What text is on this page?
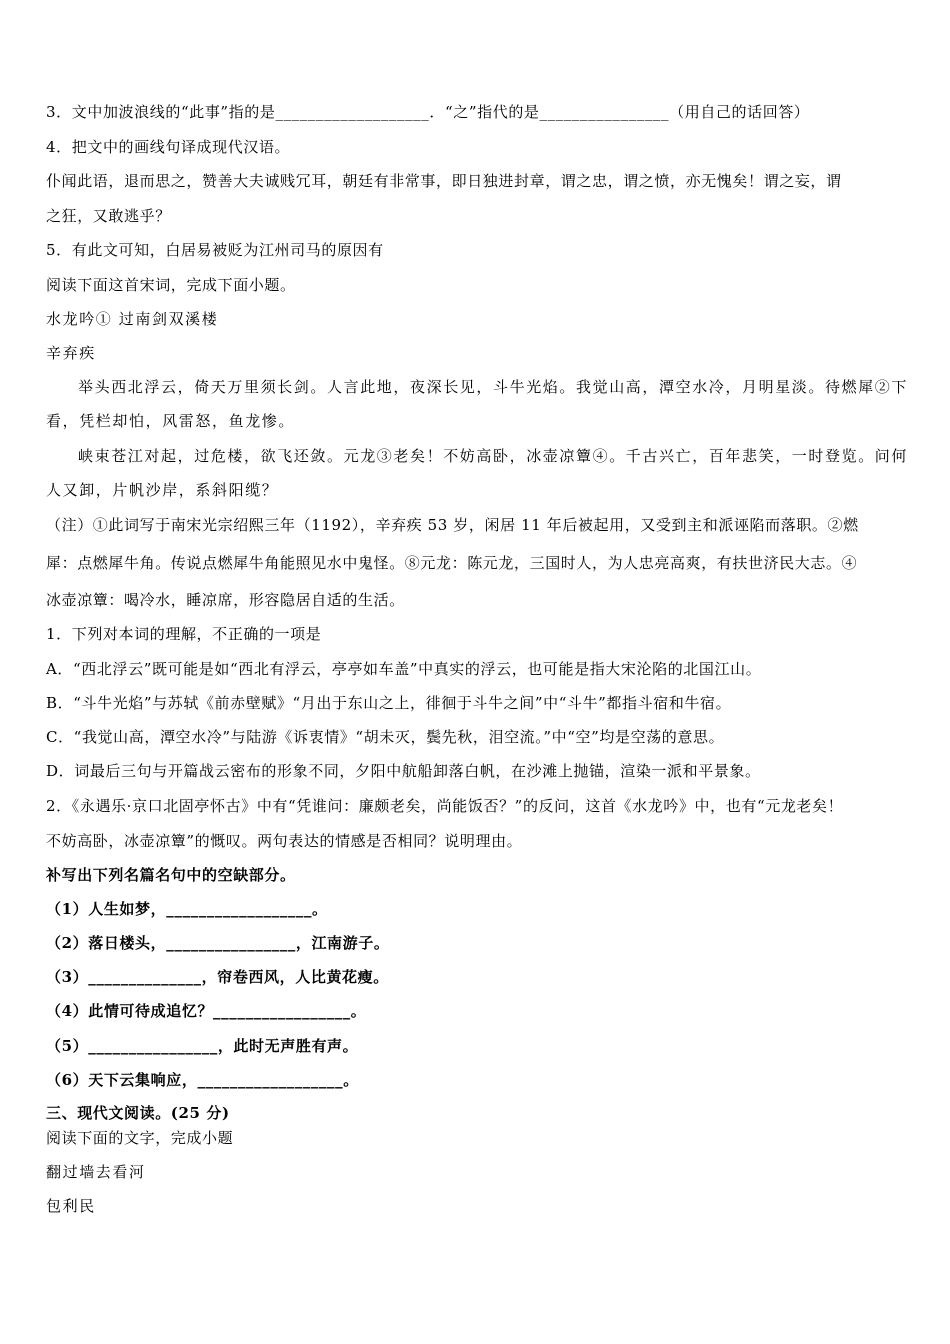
3．文中加波浪线的“此事”指的是___________________．“之”指代的是________________（用自己的话回答）
4．把文中的画线句译成现代汉语。
仆闻此语，退而思之，赞善大夫诚贱冗耳，朝廷有非常事，即日独进封章，谓之忠，谓之愤，亦无愧矣！谓之妄，谓
之狂，又敢逃乎？
5．有此文可知，白居易被贬为江州司马的原因有
阅读下面这首宋词，完成下面小题。
水龙吟① 过南剑双溪楼
辛弃疾
举头西北浮云，倚天万里须长剑。人言此地，夜深长见，斗牛光焰。我觉山高，潭空水冷，月明星淡。待燃犀②下
看，凭栏却怕，风雷怒，鱼龙惨。
峡束苍江对起，过危楼，欲飞还敛。元龙③老矣！不妨高卧，冰壶凉簟④。千古兴亡，百年悲笑，一时登览。问何
人又卸，片帆沙岸，系斜阳缆？
（注）①此词写于南宋光宗绍熙三年（1192），辛弃疾 53 岁，闲居 11 年后被起用，又受到主和派诬陷而落职。②燃
犀：点燃犀牛角。传说点燃犀牛角能照见水中鬼怪。⑧元龙：陈元龙，三国时人，为人忠亮高爽，有扶世济民大志。④
冰壶凉簟：喝冷水，睡凉席，形容隐居自适的生活。
1．下列对本词的理解，不正确的一项是
A．“西北浮云”既可能是如“西北有浮云，亭亭如车盖”中真实的浮云，也可能是指大宋沦陷的北国江山。
B．“斗牛光焰”与苏轼《前赤壁赋》“月出于东山之上，徘徊于斗牛之间”中“斗牛”都指斗宿和牛宿。
C．“我觉山高，潭空水冷”与陆游《诉衷情》“胡未灭，鬓先秋，泪空流。”中“空”均是空荡的意思。
D．词最后三句与开篇战云密布的形象不同，夕阳中航船卸落白帆，在沙滩上抛锚，渲染一派和平景象。
2．《永遇乐·京口北固亭怀古》中有“凭谁问：廉颇老矣，尚能饭否？”的反问，这首《水龙吟》中，也有“元龙老矣！
不妨高卧，冰壶凉簟”的慨叹。两句表达的情感是否相同？说明理由。
补写出下列名篇名句中的空缺部分。
（1）人生如梦，__________________。
（2）落日楼头，________________，江南游子。
（3）______________，帘卷西风，人比黄花瘦。
（4）此情可待成追忆？_________________。
（5）________________，此时无声胜有声。
（6）天下云集响应，__________________。
三、现代文阅读。(25 分)
阅读下面的文字，完成小题
翻过墙去看河
包利民
